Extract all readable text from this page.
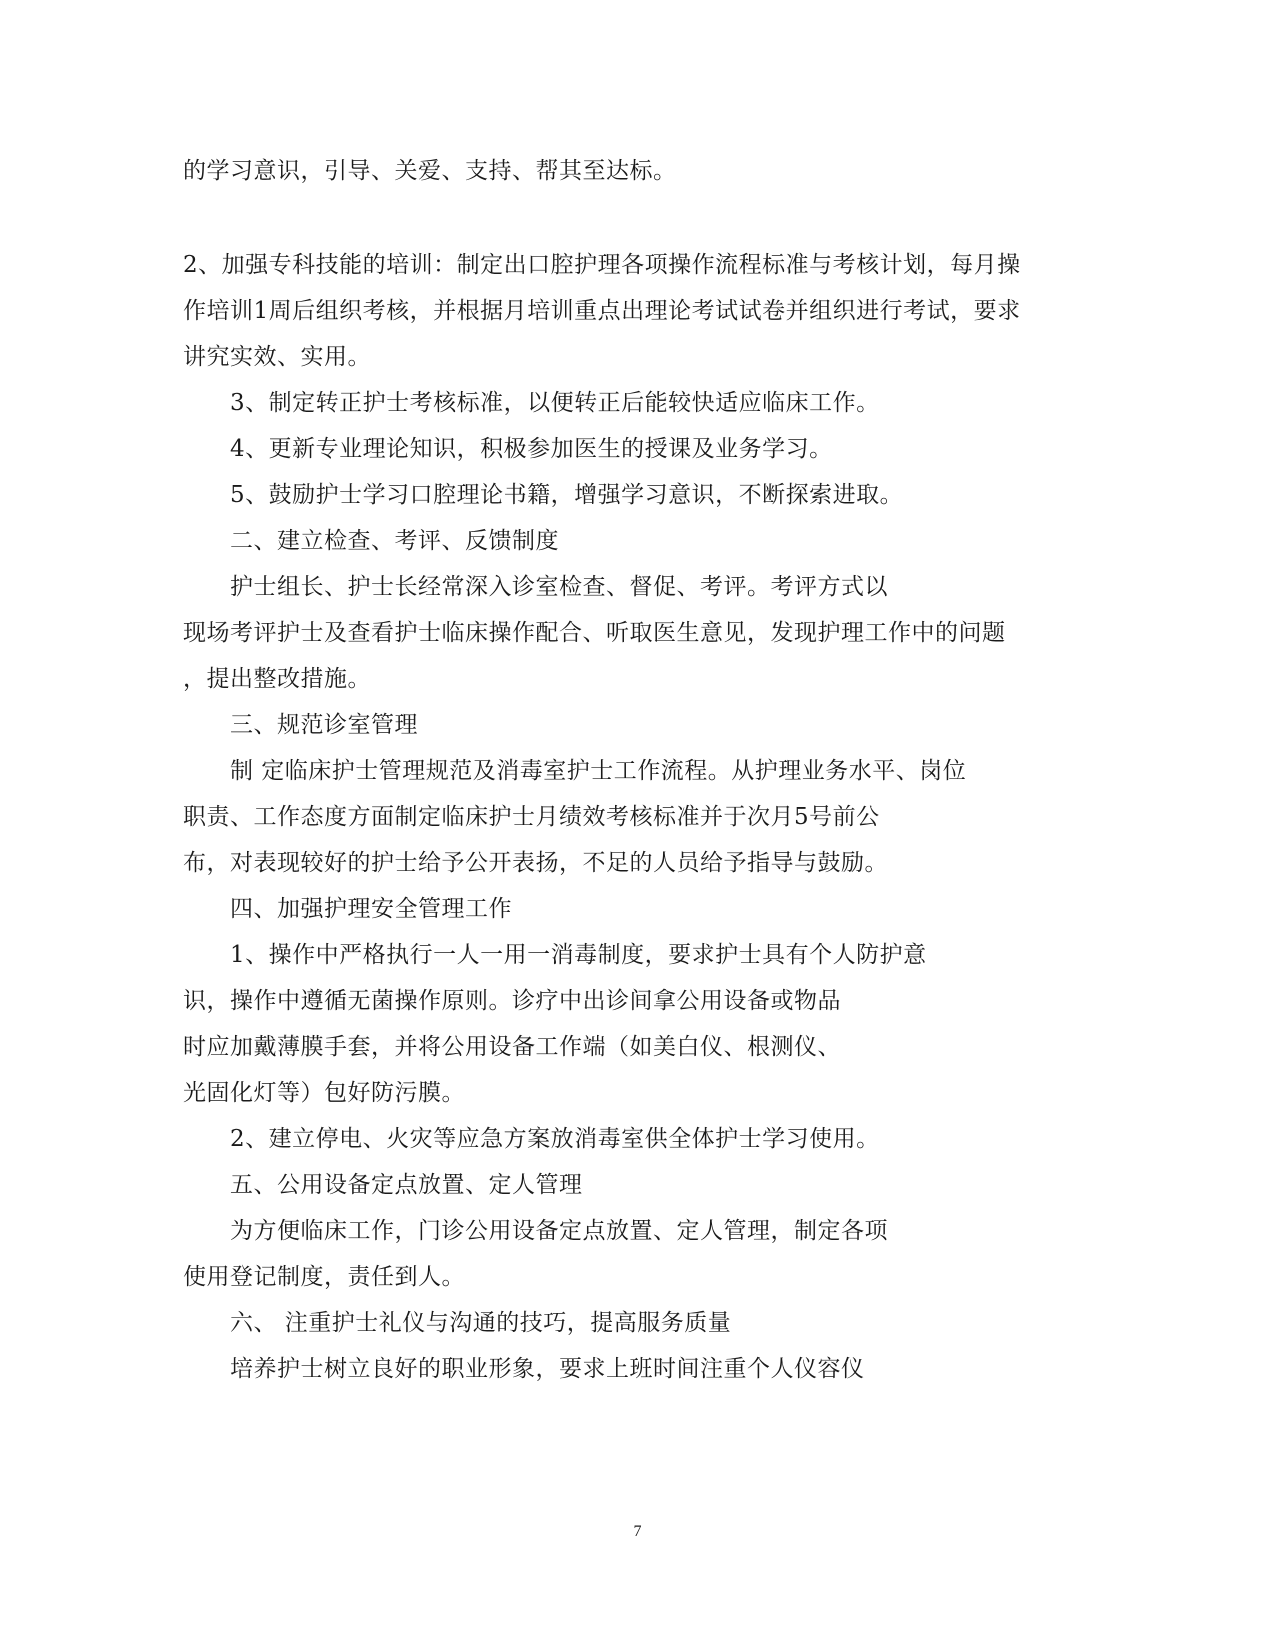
的学习意识，引导、关爱、支持、帮其至达标。
2、加强专科技能的培训：制定出口腔护理各项操作流程标准与考核计划，每月操
作培训1周后组织考核，并根据月培训重点出理论考试试卷并组织进行考试，要求
讲究实效、实用。
3、制定转正护士考核标准，以便转正后能较快适应临床工作。
4、更新专业理论知识，积极参加医生的授课及业务学习。
5、鼓励护士学习口腔理论书籍，增强学习意识，不断探索进取。
二、建立检查、考评、反馈制度
护士组长、护士长经常深入诊室检查、督促、考评。考评方式以
现场考评护士及查看护士临床操作配合、听取医生意见，发现护理工作中的问题
，提出整改措施。
三、规范诊室管理
制 定临床护士管理规范及消毒室护士工作流程。从护理业务水平、岗位
职责、工作态度方面制定临床护士月绩效考核标准并于次月5号前公
布，对表现较好的护士给予公开表扬，不足的人员给予指导与鼓励。
四、加强护理安全管理工作
1、操作中严格执行一人一用一消毒制度，要求护士具有个人防护意
识，操作中遵循无菌操作原则。诊疗中出诊间拿公用设备或物品
时应加戴薄膜手套，并将公用设备工作端（如美白仪、根测仪、
光固化灯等）包好防污膜。
2、建立停电、火灾等应急方案放消毒室供全体护士学习使用。
五、公用设备定点放置、定人管理
为方便临床工作，门诊公用设备定点放置、定人管理，制定各项
使用登记制度，责任到人。
六、 注重护士礼仪与沟通的技巧，提高服务质量
培养护士树立良好的职业形象，要求上班时间注重个人仪容仪
7
